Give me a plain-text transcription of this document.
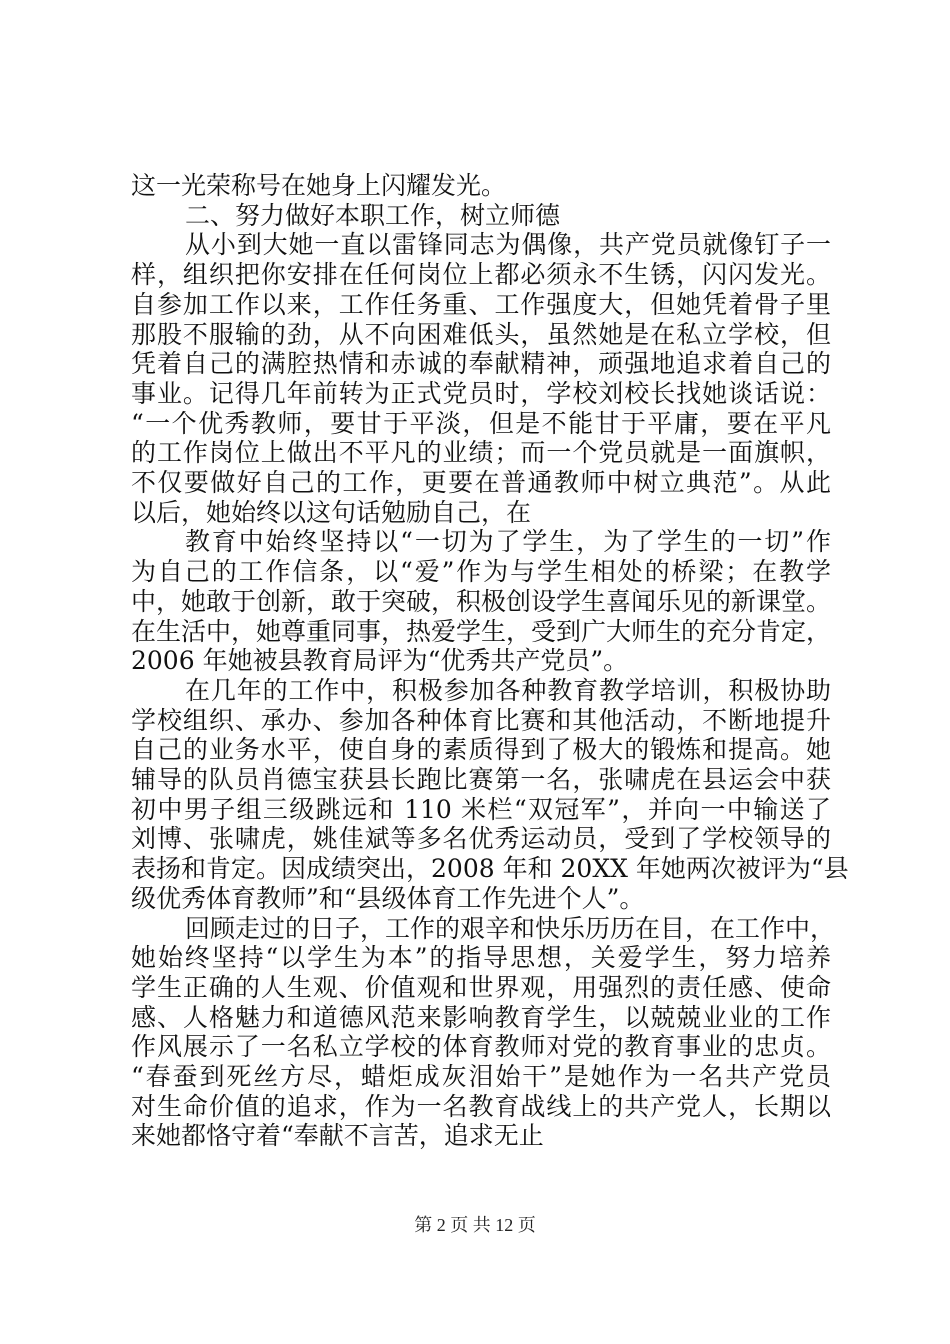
这一光荣称号在她身上闪耀发光。
二、努力做好本职工作，树立师德
从小到大她一直以雷锋同志为偶像，共产党员就像钉子一
样，组织把你安排在任何岗位上都必须永不生锈，闪闪发光。
自参加工作以来，工作任务重、工作强度大，但她凭着骨子里
那股不服输的劲，从不向困难低头，虽然她是在私立学校，但
凭着自己的满腔热情和赤诚的奉献精神，顽强地追求着自己的
事业。记得几年前转为正式党员时，学校刘校长找她谈话说：
“一个优秀教师，要甘于平淡，但是不能甘于平庸，要在平凡
的工作岗位上做出不平凡的业绩；而一个党员就是一面旗帜，
不仅要做好自己的工作，更要在普通教师中树立典范”。从此
以后，她始终以这句话勉励自己，在
教育中始终坚持以“一切为了学生，为了学生的一切”作
为自己的工作信条，以“爱”作为与学生相处的桥梁；在教学
中，她敢于创新，敢于突破，积极创设学生喜闻乐见的新课堂。
在生活中，她尊重同事，热爱学生，受到广大师生的充分肯定，
2006 年她被县教育局评为“优秀共产党员”。
在几年的工作中，积极参加各种教育教学培训，积极协助
学校组织、承办、参加各种体育比赛和其他活动，不断地提升
自己的业务水平，使自身的素质得到了极大的锻炼和提高。她
辅导的队员肖德宝获县长跑比赛第一名，张啸虎在县运会中获
初中男子组三级跳远和 110 米栏“双冠军”，并向一中输送了
刘博、张啸虎，姚佳斌等多名优秀运动员，受到了学校领导的
表扬和肯定。因成绩突出，2008 年和 20XX 年她两次被评为“县
级优秀体育教师”和“县级体育工作先进个人”。
回顾走过的日子，工作的艰辛和快乐历历在目，在工作中，
她始终坚持“以学生为本”的指导思想，关爱学生，努力培养
学生正确的人生观、价值观和世界观，用强烈的责任感、使命
感、人格魅力和道德风范来影响教育学生，以兢兢业业的工作
作风展示了一名私立学校的体育教师对党的教育事业的忠贞。
“春蚕到死丝方尽，蜡炬成灰泪始干”是她作为一名共产党员
对生命价值的追求，作为一名教育战线上的共产党人，长期以
来她都恪守着“奉献不言苦，追求无止
第 2 页 共 12 页
